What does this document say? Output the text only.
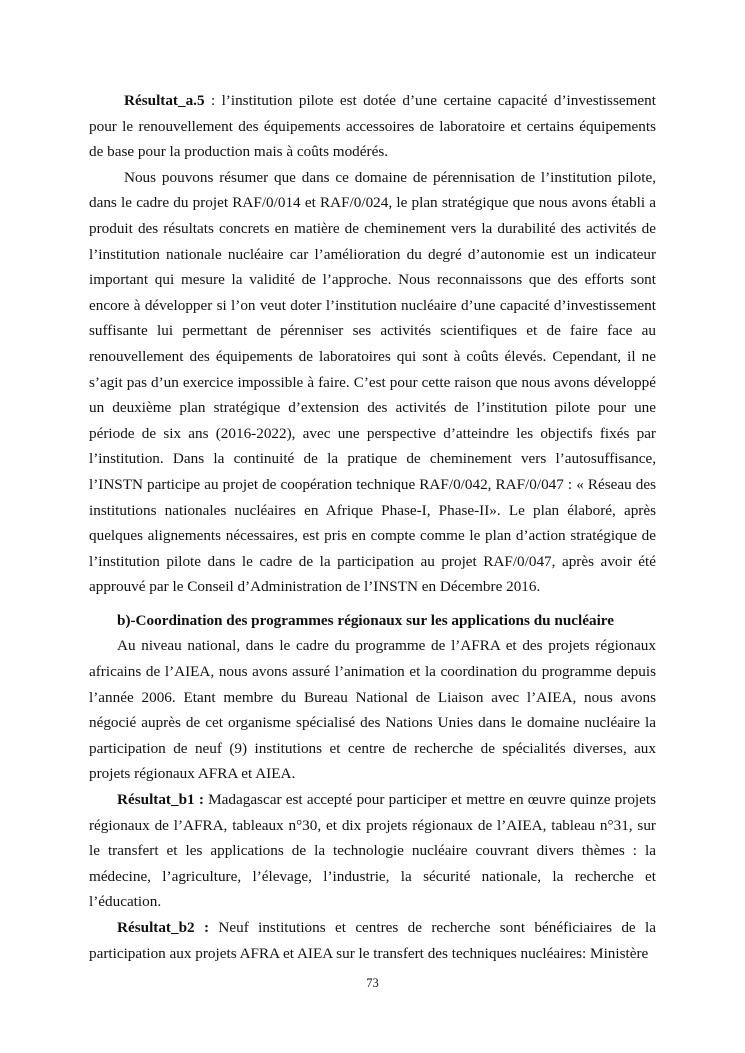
Résultat_a.5 : l’institution pilote est dotée d’une certaine capacité d’investissement pour le renouvellement des équipements accessoires de laboratoire et certains équipements de base pour la production mais à coûts modérés.

Nous pouvons résumer que dans ce domaine de pérennisation de l’institution pilote, dans le cadre du projet RAF/0/014 et RAF/0/024, le plan stratégique que nous avons établi a produit des résultats concrets en matière de cheminement vers la durabilité des activités de l’institution nationale nucléaire car l’amélioration du degré d’autonomie est un indicateur important qui mesure la validité de l’approche. Nous reconnaissons que des efforts sont encore à développer si l’on veut doter l’institution nucléaire d’une capacité d’investissement suffisante lui permettant de pérenniser ses activités scientifiques et de faire face au renouvellement des équipements de laboratoires qui sont à coûts élevés. Cependant, il ne s’agit pas d’un exercice impossible à faire. C’est pour cette raison que nous avons développé un deuxième plan stratégique d’extension des activités de l’institution pilote pour une période de six ans (2016-2022), avec une perspective d’atteindre les objectifs fixés par l’institution. Dans la continuité de la pratique de cheminement vers l’autosuffisance, l’INSTN participe au projet de coopération technique RAF/0/042, RAF/0/047 : « Réseau des institutions nationales nucléaires en Afrique Phase-I, Phase-II». Le plan élaboré, après quelques alignements nécessaires, est pris en compte comme le plan d’action stratégique de l’institution pilote dans le cadre de la participation au projet RAF/0/047, après avoir été approuvé par le Conseil d’Administration de l’INSTN en Décembre 2016.

b)-Coordination des programmes régionaux sur les applications du nucléaire

Au niveau national, dans le cadre du programme de l’AFRA et des projets régionaux africains de l’AIEA, nous avons assuré l’animation et la coordination du programme depuis l’année 2006. Etant membre du Bureau National de Liaison avec l’AIEA, nous avons négocié auprès de cet organisme spécialisé des Nations Unies dans le domaine nucléaire la participation de neuf (9) institutions et centre de recherche de spécialités diverses, aux projets régionaux AFRA et AIEA.

Résultat_b1 : Madagascar est accepté pour participer et mettre en œuvre quinze projets régionaux de l’AFRA, tableaux n°30, et dix projets régionaux de l’AIEA, tableau n°31, sur le transfert et les applications de la technologie nucléaire couvrant divers thèmes : la médecine, l’agriculture, l’élevage, l’industrie, la sécurité nationale, la recherche et l’éducation.

Résultat_b2 : Neuf institutions et centres de recherche sont bénéficiaires de la participation aux projets AFRA et AIEA sur le transfert des techniques nucléaires: Ministère

73
